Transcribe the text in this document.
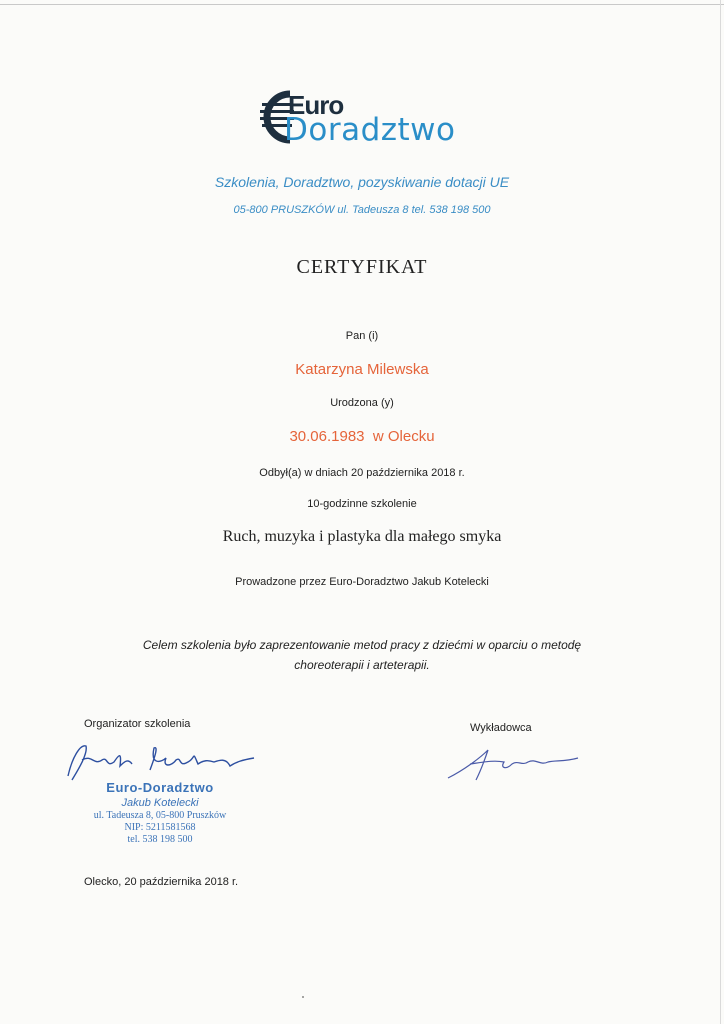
Euro
Doradztwo
Szkolenia, Doradztwo, pozyskiwanie dotacji UE
05-800 PRUSZKÓW ul. Tadeusza 8 tel. 538 198 500
CERTYFIKAT
Pan (i)
Katarzyna Milewska
Urodzona (y)
30.06.1983  w Olecku
Odbył(a) w dniach 20 października 2018 r.
10-godzinne szkolenie
Ruch, muzyka i plastyka dla małego smyka
Prowadzone przez Euro-Doradztwo Jakub Kotelecki
Celem szkolenia było zaprezentowanie metod pracy z dziećmi w oparciu o metodę
choreoterapii i arteterapii.
Organizator szkolenia	Wykładowca
Euro-Doradztwo
Jakub Kotelecki
ul. Tadeusza 8, 05-800 Pruszków
NIP: 5211581568
tel. 538 198 500
Olecko, 20 października 2018 r.
